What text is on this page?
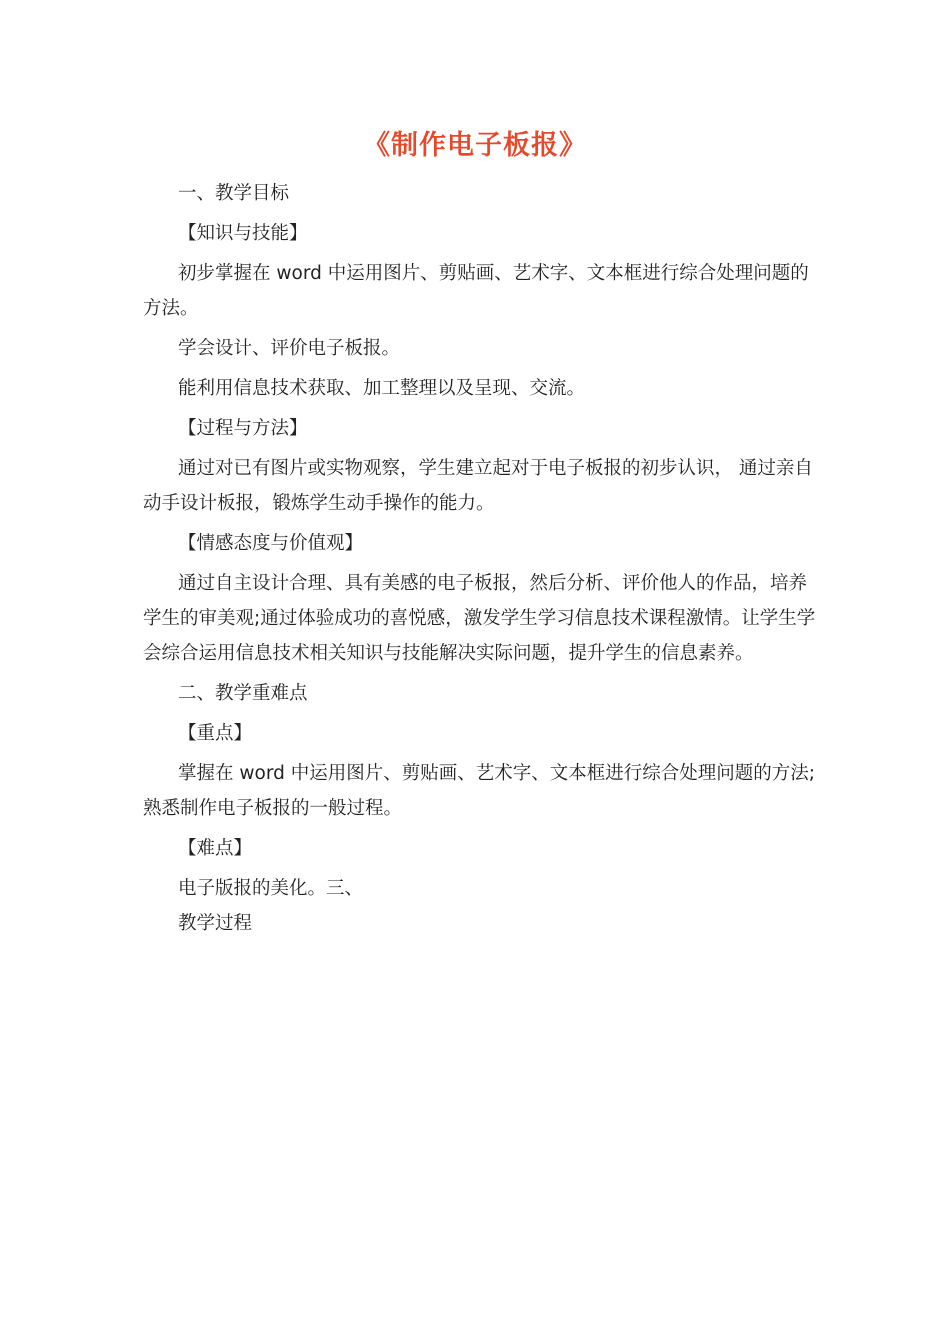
《制作电子板报》

一、教学目标

【知识与技能】

初步掌握在 word 中运用图片、剪贴画、艺术字、文本框进行综合处理问题的方法。

学会设计、评价电子板报。

能利用信息技术获取、加工整理以及呈现、交流。

【过程与方法】

通过对已有图片或实物观察，学生建立起对于电子板报的初步认识， 通过亲自动手设计板报，锻炼学生动手操作的能力。

【情感态度与价值观】

通过自主设计合理、具有美感的电子板报，然后分析、评价他人的作品，培养学生的审美观;通过体验成功的喜悦感，激发学生学习信息技术课程激情。让学生学会综合运用信息技术相关知识与技能解决实际问题，提升学生的信息素养。

二、教学重难点

【重点】

掌握在 word 中运用图片、剪贴画、艺术字、文本框进行综合处理问题的方法;熟悉制作电子板报的一般过程。

【难点】

电子版报的美化。三、

教学过程
